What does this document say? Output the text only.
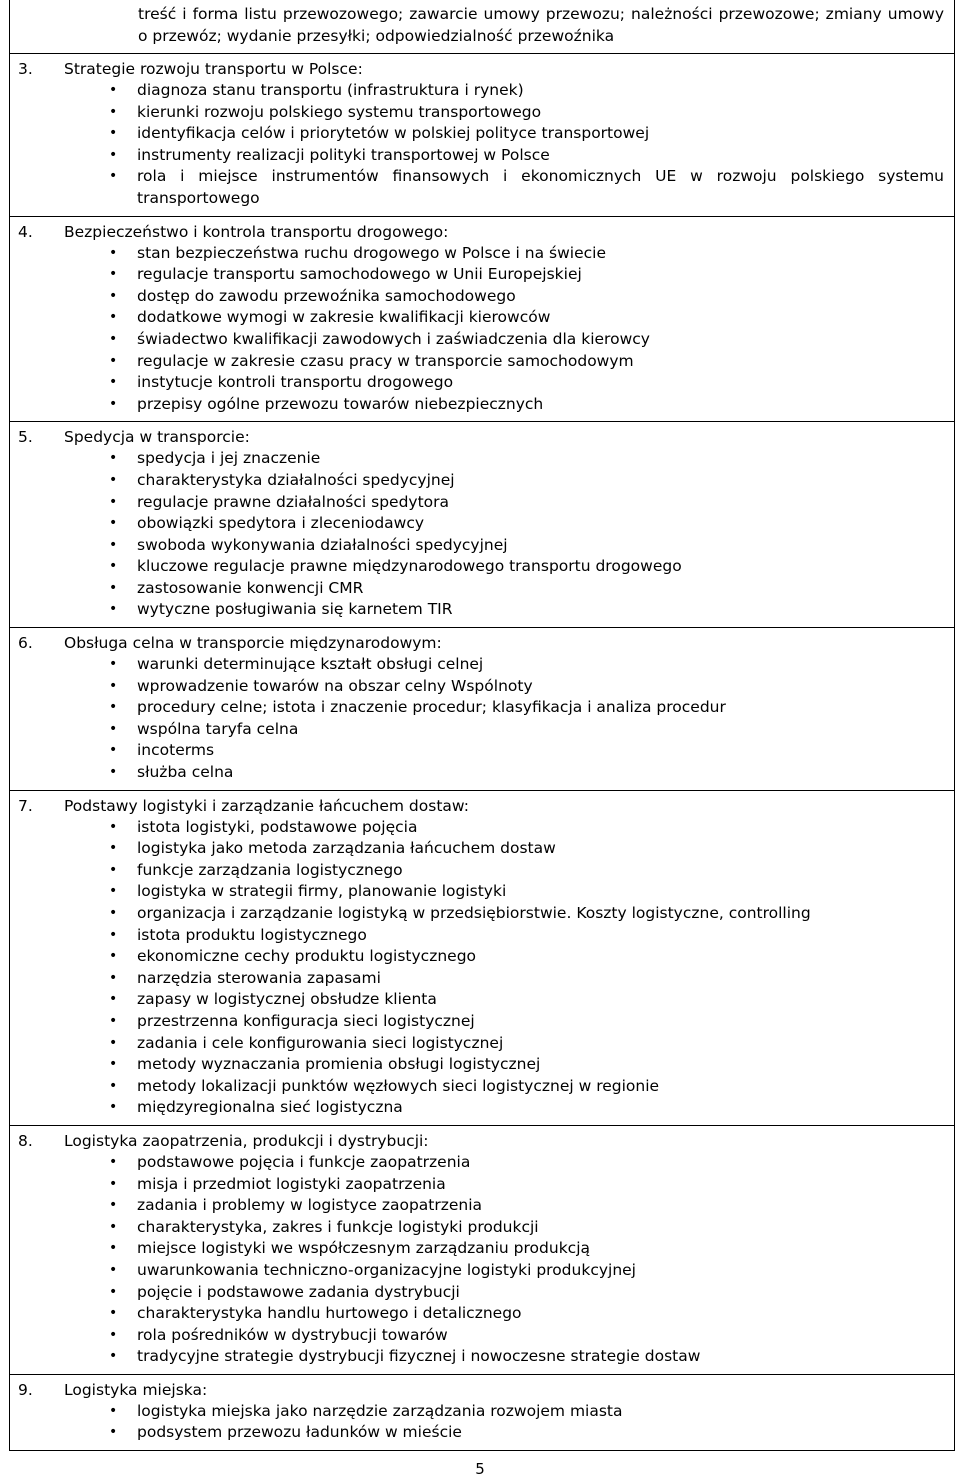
treść i forma listu przewozowego; zawarcie umowy przewozu; należności przewozowe; zmiany umowy o przewóz; wydanie przesyłki; odpowiedzialność przewoźnika

3.	Strategie rozwoju transportu w Polsce:
• diagnoza stanu transportu (infrastruktura i rynek)
• kierunki rozwoju polskiego systemu transportowego
• identyfikacja celów i priorytetów w polskiej polityce transportowej
• instrumenty realizacji polityki transportowej w Polsce
• rola i miejsce instrumentów finansowych i ekonomicznych UE w rozwoju polskiego systemu transportowego

4.	Bezpieczeństwo i kontrola transportu drogowego:
• stan bezpieczeństwa ruchu drogowego w Polsce i na świecie
• regulacje transportu samochodowego w Unii Europejskiej
• dostęp do zawodu przewoźnika samochodowego
• dodatkowe wymogi w zakresie kwalifikacji kierowców
• świadectwo kwalifikacji zawodowych i zaświadczenia dla kierowcy
• regulacje w zakresie czasu pracy w transporcie samochodowym
• instytucje kontroli transportu drogowego
• przepisy ogólne przewozu towarów niebezpiecznych

5.	Spedycja w transporcie:
• spedycja i jej znaczenie
• charakterystyka działalności spedycyjnej
• regulacje prawne działalności spedytora
• obowiązki spedytora i zleceniodawcy
• swoboda wykonywania działalności spedycyjnej
• kluczowe regulacje prawne międzynarodowego transportu drogowego
• zastosowanie konwencji CMR
• wytyczne posługiwania się karnetem TIR

6.	Obsługa celna w transporcie międzynarodowym:
• warunki determinujące kształt obsługi celnej
• wprowadzenie towarów na obszar celny Wspólnoty
• procedury celne; istota i znaczenie procedur; klasyfikacja i analiza procedur
• wspólna taryfa celna
• incoterms
• służba celna

7.	Podstawy logistyki i zarządzanie łańcuchem dostaw:
• istota logistyki, podstawowe pojęcia
• logistyka jako metoda zarządzania łańcuchem dostaw
• funkcje zarządzania logistycznego
• logistyka w strategii firmy, planowanie logistyki
• organizacja i zarządzanie logistyką w przedsiębiorstwie. Koszty logistyczne, controlling
• istota produktu logistycznego
• ekonomiczne cechy produktu logistycznego
• narzędzia sterowania zapasami
• zapasy w logistycznej obsłudze klienta
• przestrzenna konfiguracja sieci logistycznej
• zadania i cele konfigurowania sieci logistycznej
• metody wyznaczania promienia obsługi logistycznej
• metody lokalizacji punktów węzłowych sieci logistycznej w regionie
• międzyregionalna sieć logistyczna

8.	Logistyka zaopatrzenia, produkcji i dystrybucji:
• podstawowe pojęcia i funkcje zaopatrzenia
• misja i przedmiot logistyki zaopatrzenia
• zadania i problemy w logistyce zaopatrzenia
• charakterystyka, zakres i funkcje logistyki produkcji
• miejsce logistyki we współczesnym zarządzaniu produkcją
• uwarunkowania techniczno-organizacyjne logistyki produkcyjnej
• pojęcie i podstawowe zadania dystrybucji
• charakterystyka handlu hurtowego i detalicznego
• rola pośredników w dystrybucji towarów
• tradycyjne strategie dystrybucji fizycznej i nowoczesne strategie dostaw

9.	Logistyka miejska:
• logistyka miejska jako narzędzie zarządzania rozwojem miasta
• podsystem przewozu ładunków w mieście
5
